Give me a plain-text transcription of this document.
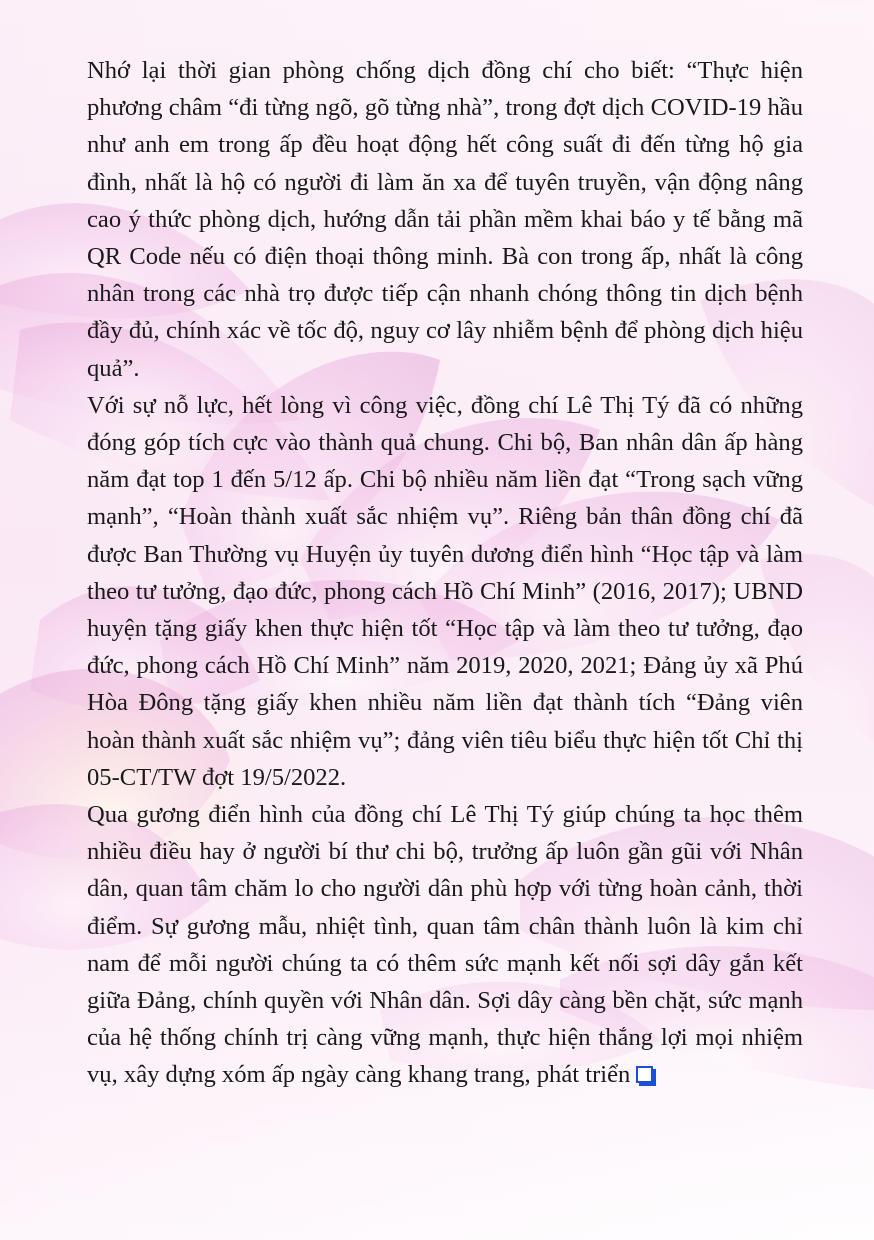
Nhớ lại thời gian phòng chống dịch đồng chí cho biết: “Thực hiện phương châm “đi từng ngõ, gõ từng nhà”, trong đợt dịch COVID-19 hầu như anh em trong ấp đều hoạt động hết công suất đi đến từng hộ gia đình, nhất là hộ có người đi làm ăn xa để tuyên truyền, vận động nâng cao ý thức phòng dịch, hướng dẫn tải phần mềm khai báo y tế bằng mã QR Code nếu có điện thoại thông minh. Bà con trong ấp, nhất là công nhân trong các nhà trọ được tiếp cận nhanh chóng thông tin dịch bệnh đầy đủ, chính xác về tốc độ, nguy cơ lây nhiễm bệnh để phòng dịch hiệu quả”.

Với sự nỗ lực, hết lòng vì công việc, đồng chí Lê Thị Tý đã có những đóng góp tích cực vào thành quả chung. Chi bộ, Ban nhân dân ấp hàng năm đạt top 1 đến 5/12 ấp. Chi bộ nhiều năm liền đạt “Trong sạch vững mạnh”, “Hoàn thành xuất sắc nhiệm vụ”. Riêng bản thân đồng chí đã được Ban Thường vụ Huyện ủy tuyên dương điển hình “Học tập và làm theo tư tưởng, đạo đức, phong cách Hồ Chí Minh” (2016, 2017); UBND huyện tặng giấy khen thực hiện tốt “Học tập và làm theo tư tưởng, đạo đức, phong cách Hồ Chí Minh” năm 2019, 2020, 2021; Đảng ủy xã Phú Hòa Đông tặng giấy khen nhiều năm liền đạt thành tích “Đảng viên hoàn thành xuất sắc nhiệm vụ”; đảng viên tiêu biểu thực hiện tốt Chỉ thị 05-CT/TW đợt 19/5/2022.

Qua gương điển hình của đồng chí Lê Thị Tý giúp chúng ta học thêm nhiều điều hay ở người bí thư chi bộ, trưởng ấp luôn gần gũi với Nhân dân, quan tâm chăm lo cho người dân phù hợp với từng hoàn cảnh, thời điểm. Sự gương mẫu, nhiệt tình, quan tâm chân thành luôn là kim chỉ nam để mỗi người chúng ta có thêm sức mạnh kết nối sợi dây gắn kết giữa Đảng, chính quyền với Nhân dân. Sợi dây càng bền chặt, sức mạnh của hệ thống chính trị càng vững mạnh, thực hiện thắng lợi mọi nhiệm vụ, xây dựng xóm ấp ngày càng khang trang, phát triển
